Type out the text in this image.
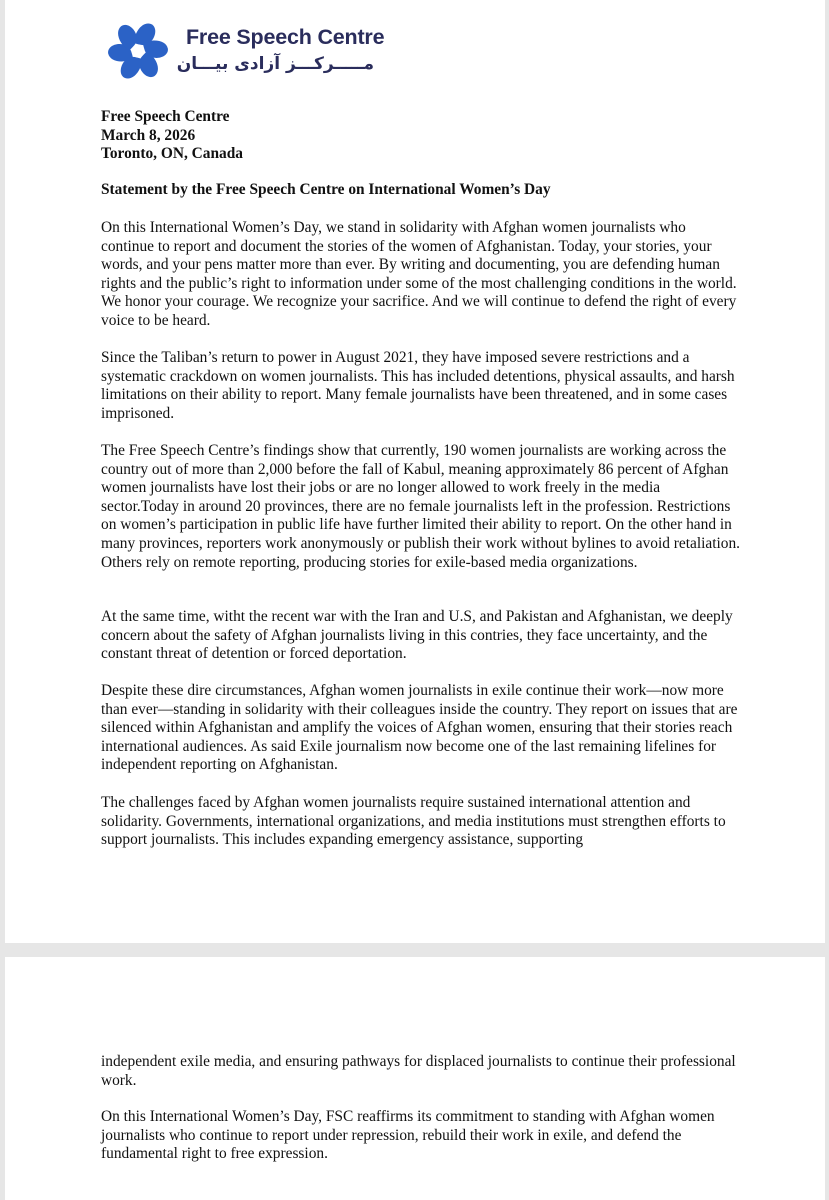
Free Speech Centre
مـــــرکـــز آزادی بیـــان
Free Speech Centre
March 8, 2026
Toronto, ON, Canada
Statement by the Free Speech Centre on International Women’s Day

On this International Women’s Day, we stand in solidarity with Afghan women journalists who continue to report and document the stories of the women of Afghanistan. Today, your stories, your words, and your pens matter more than ever. By writing and documenting, you are defending human rights and the public’s right to information under some of the most challenging conditions in the world. We honor your courage. We recognize your sacrifice. And we will continue to defend the right of every voice to be heard.

Since the Taliban’s return to power in August 2021, they have imposed severe restrictions and a systematic crackdown on women journalists. This has included detentions, physical assaults, and harsh limitations on their ability to report. Many female journalists have been threatened, and in some cases imprisoned.

The Free Speech Centre’s findings show that currently, 190 women journalists are working across the country out of more than 2,000 before the fall of Kabul, meaning approximately 86 percent of Afghan women journalists have lost their jobs or are no longer allowed to work freely in the media sector.Today in around 20 provinces, there are no female journalists left in the profession. Restrictions on women’s participation in public life have further limited their ability to report. On the other hand in many provinces, reporters work anonymously or publish their work without bylines to avoid retaliation. Others rely on remote reporting, producing stories for exile-based media organizations.

At the same time, witht the recent war with the Iran and U.S, and Pakistan and Afghanistan, we deeply concern about the safety of Afghan journalists living in this contries, they face uncertainty, and the constant threat of detention or forced deportation.

Despite these dire circumstances, Afghan women journalists in exile continue their work—now more than ever—standing in solidarity with their colleagues inside the country. They report on issues that are silenced within Afghanistan and amplify the voices of Afghan women, ensuring that their stories reach international audiences. As said Exile journalism now become one of the last remaining lifelines for independent reporting on Afghanistan.

The challenges faced by Afghan women journalists require sustained international attention and solidarity. Governments, international organizations, and media institutions must strengthen efforts to support journalists. This includes expanding emergency assistance, supporting

independent exile media, and ensuring pathways for displaced journalists to continue their professional work.

On this International Women’s Day, FSC reaffirms its commitment to standing with Afghan women journalists who continue to report under repression, rebuild their work in exile, and defend the fundamental right to free expression.
